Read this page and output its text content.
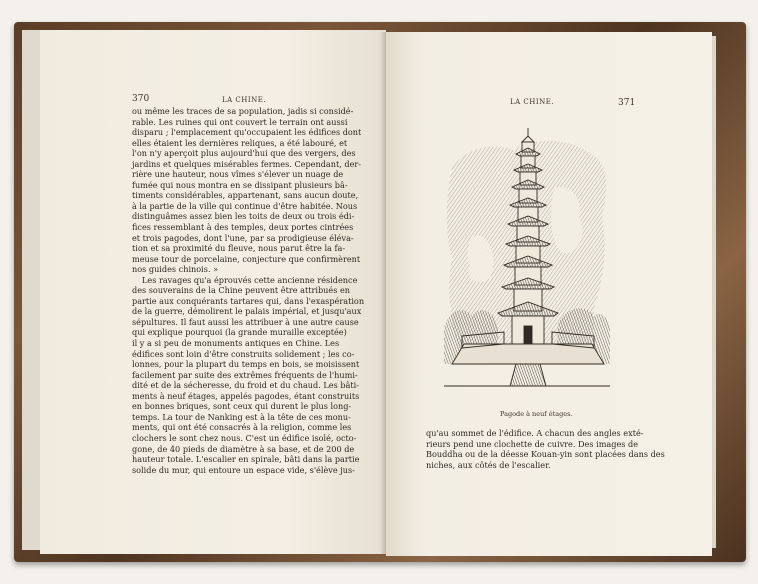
370	LA CHINE.
ou même les traces de sa population, jadis si considé-
rable. Les ruines qui ont couvert le terrain ont aussi
disparu ; l'emplacement qu'occupaient les édifices dont
elles étaient les dernières reliques, a été labouré, et
l'on n'y aperçoit plus aujourd'hui que des vergers, des
jardins et quelques misérables fermes. Cependant, der-
rière une hauteur, nous vîmes s'élever un nuage de
fumée qui nous montra en se dissipant plusieurs bâ-
timents considérables, appartenant, sans aucun doute,
à la partie de la ville qui continue d'être habitée. Nous
distinguâmes assez bien les toits de deux ou trois édi-
fices ressemblant à des temples, deux portes cintrées
et trois pagodes, dont l'une, par sa prodigieuse éléva-
tion et sa proximité du fleuve, nous parut être la fa-
meuse tour de porcelaine, conjecture que confirmèrent
nos guides chinois. »
Les ravages qu'a éprouvés cette ancienne résidence
des souverains de la Chine peuvent être attribués en
partie aux conquérants tartares qui, dans l'exaspération
de la guerre, démolirent le palais impérial, et jusqu'aux
sépultures. Il faut aussi les attribuer à une autre cause
qui explique pourquoi (la grande muraille exceptée)
il y a si peu de monuments antiques en Chine. Les
édifices sont loin d'être construits solidement ; les co-
lonnes, pour la plupart du temps en bois, se moisissent
facilement par suite des extrêmes fréquents de l'humi-
dité et de la sécheresse, du froid et du chaud. Les bâti-
ments à neuf étages, appelés pagodes, étant construits
en bonnes briques, sont ceux qui durent le plus long-
temps. La tour de Nanking est à la tête de ces monu-
ments, qui ont été consacrés à la religion, comme les
clochers le sont chez nous. C'est un édifice isolé, octo-
gone, de 40 pieds de diamètre à sa base, et de 200 de
hauteur totale. L'escalier en spirale, bâti dans la partie
solide du mur, qui entoure un espace vide, s'élève jus-
LA CHINE.	371
Pagode à neuf étages.
qu'au sommet de l'édifice. A chacun des angles exté-
rieurs pend une clochette de cuivre. Des images de
Bouddha ou de la déesse Kouan-yin sont placées dans des
niches, aux côtés de l'escalier.
